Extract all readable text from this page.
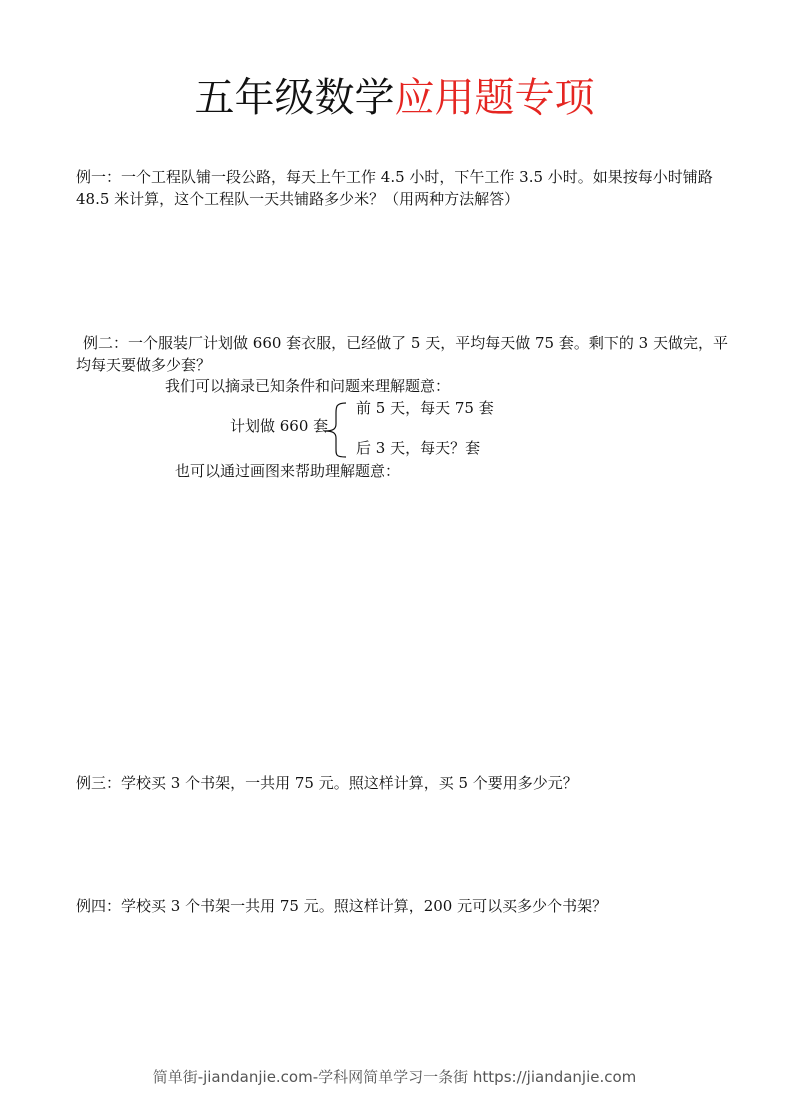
五年级数学应用题专项

例一：一个工程队铺一段公路，每天上午工作 4.5 小时，下午工作 3.5 小时。如果按每小时铺路 48.5 米计算，这个工程队一天共铺路多少米？（用两种方法解答）

例二：一个服装厂计划做 660 套衣服，已经做了 5 天，平均每天做 75 套。剩下的 3 天做完，平均每天要做多少套？

我们可以摘录已知条件和问题来理解题意：

计划做 660 套
前 5 天，每天 75 套
后 3 天，每天？套

也可以通过画图来帮助理解题意：

例三：学校买 3 个书架，一共用 75 元。照这样计算，买 5 个要用多少元？

例四：学校买 3 个书架一共用 75 元。照这样计算，200 元可以买多少个书架？

简单街-jiandanjie.com-学科网简单学习一条街 https://jiandanjie.com
